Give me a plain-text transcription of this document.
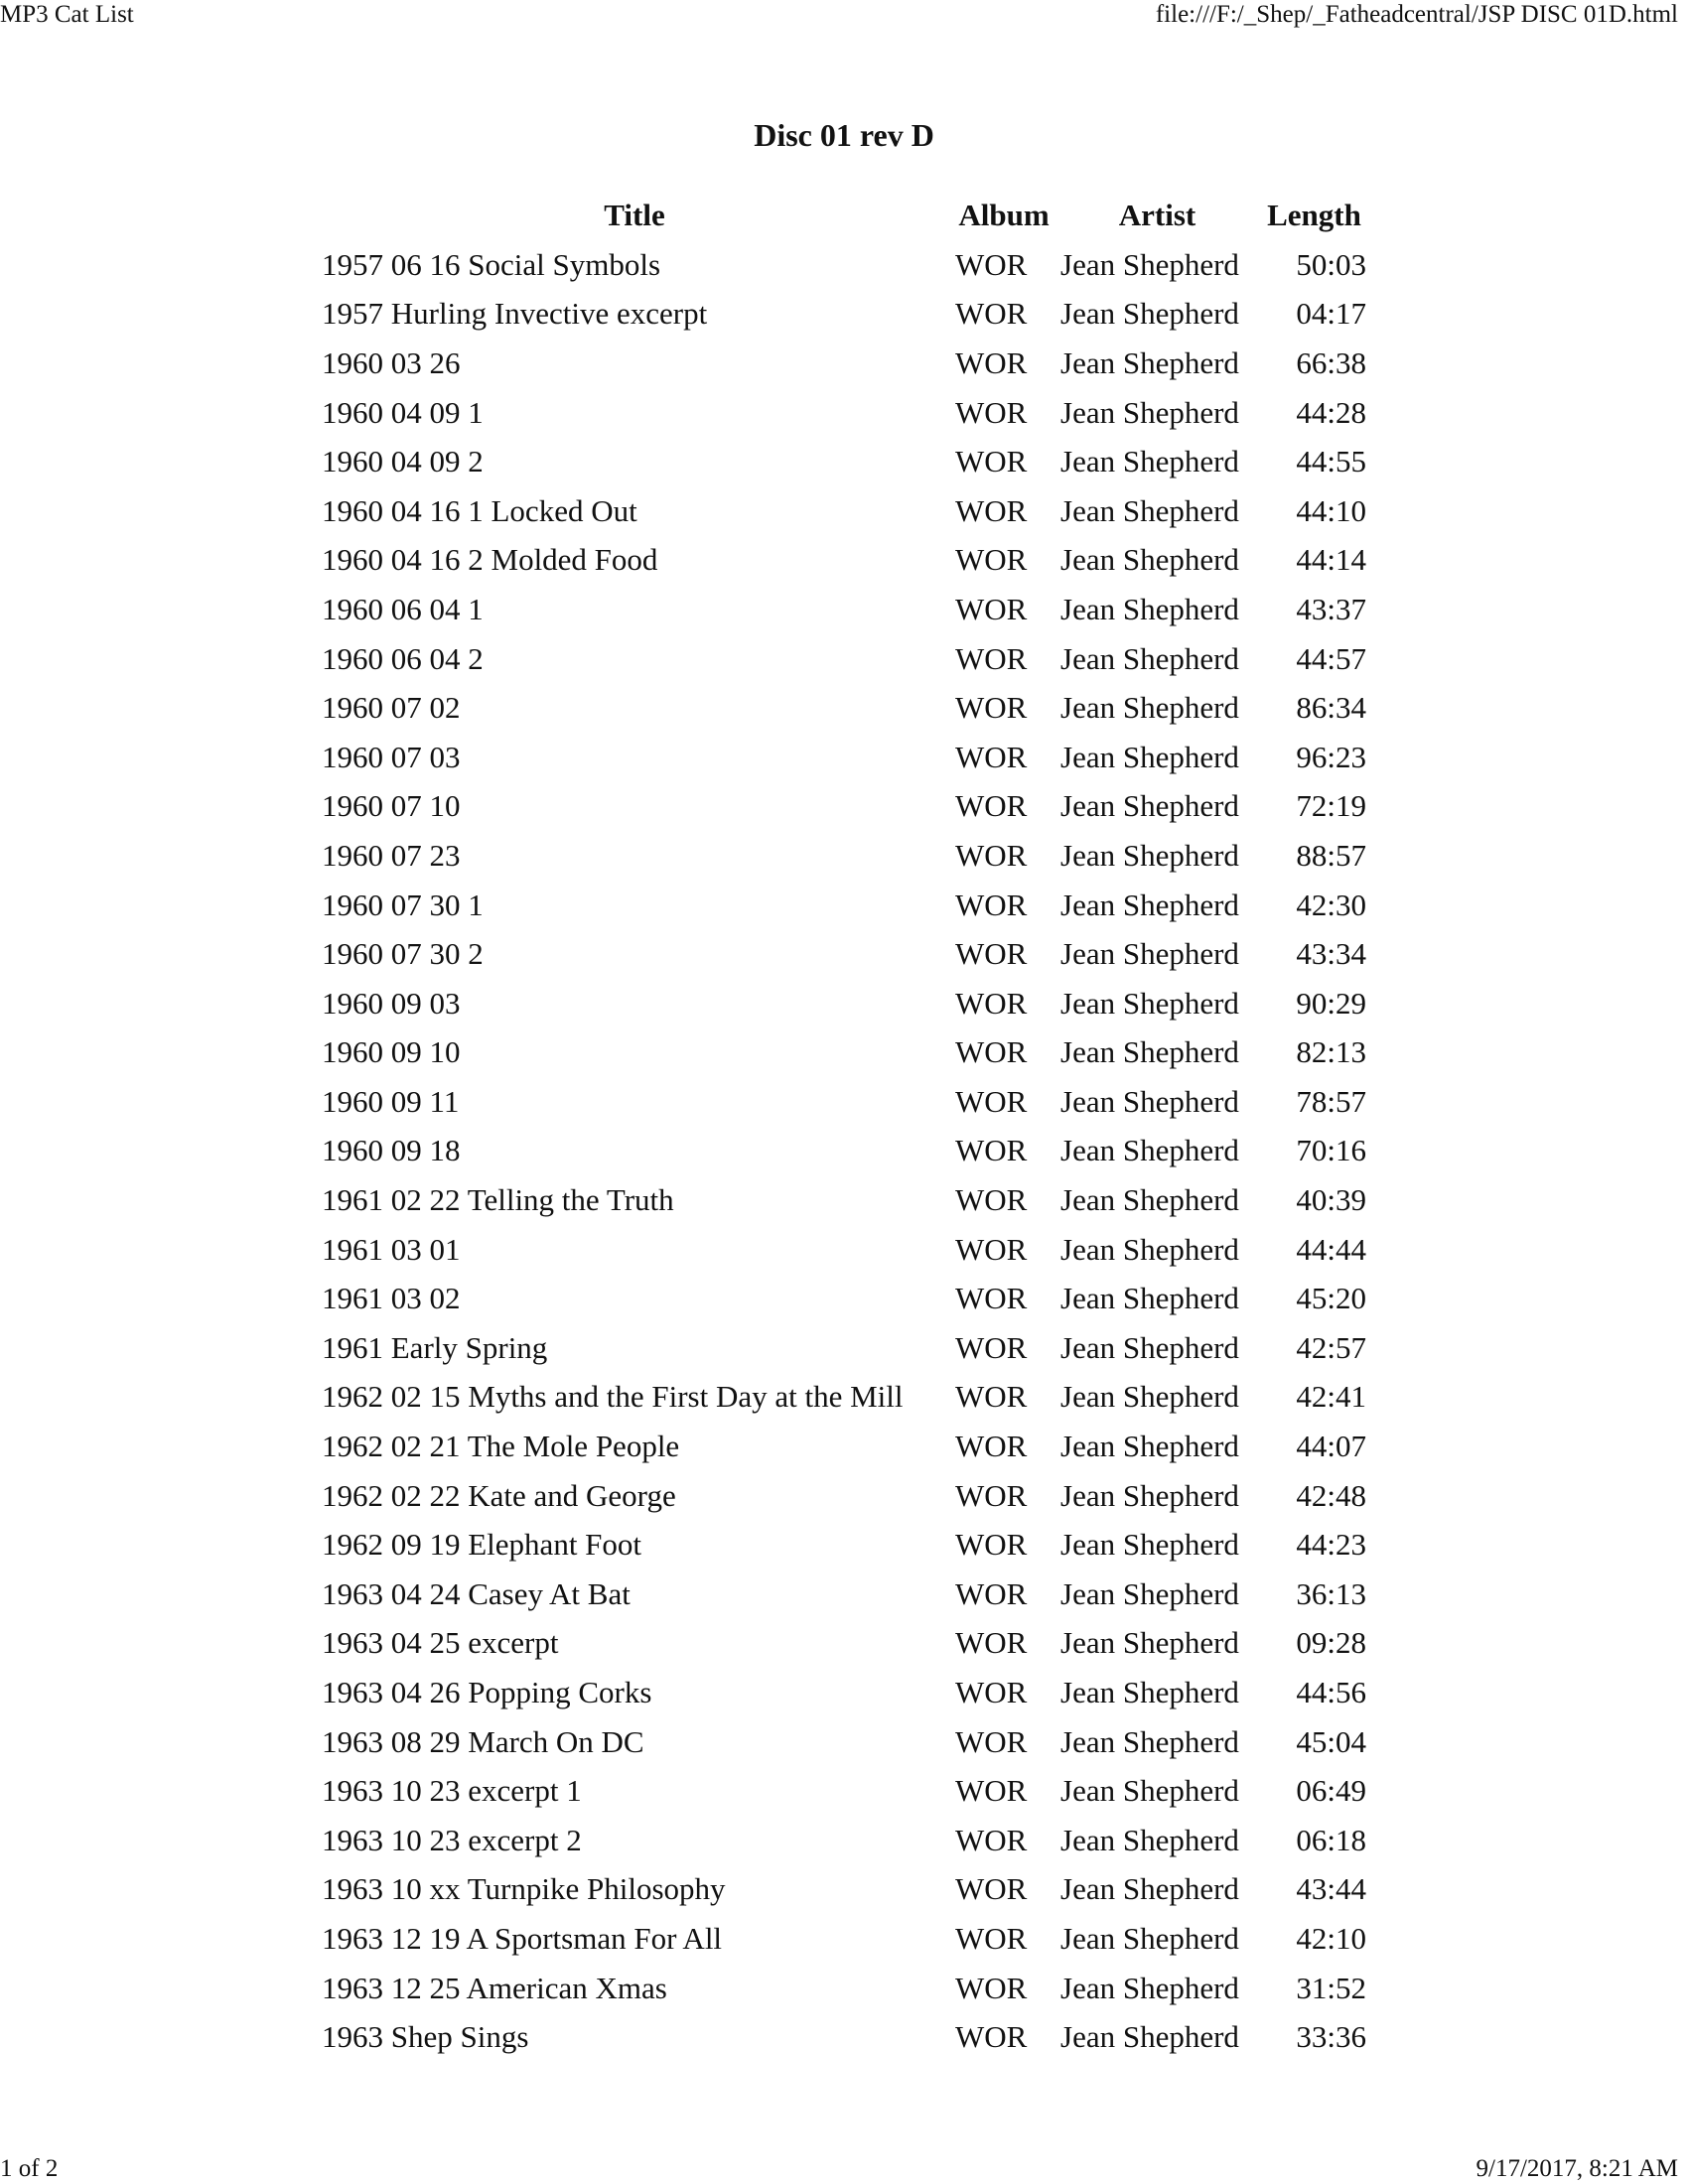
MP3 Cat List	file:///F:/_Shep/_Fatheadcentral/JSP DISC 01D.html
Disc 01 rev D
Title	Album	Artist	Length
1957 06 16 Social Symbols	WOR	Jean Shepherd	50:03
1957 Hurling Invective excerpt	WOR	Jean Shepherd	04:17
1960 03 26	WOR	Jean Shepherd	66:38
1960 04 09 1	WOR	Jean Shepherd	44:28
1960 04 09 2	WOR	Jean Shepherd	44:55
1960 04 16 1 Locked Out	WOR	Jean Shepherd	44:10
1960 04 16 2 Molded Food	WOR	Jean Shepherd	44:14
1960 06 04 1	WOR	Jean Shepherd	43:37
1960 06 04 2	WOR	Jean Shepherd	44:57
1960 07 02	WOR	Jean Shepherd	86:34
1960 07 03	WOR	Jean Shepherd	96:23
1960 07 10	WOR	Jean Shepherd	72:19
1960 07 23	WOR	Jean Shepherd	88:57
1960 07 30 1	WOR	Jean Shepherd	42:30
1960 07 30 2	WOR	Jean Shepherd	43:34
1960 09 03	WOR	Jean Shepherd	90:29
1960 09 10	WOR	Jean Shepherd	82:13
1960 09 11	WOR	Jean Shepherd	78:57
1960 09 18	WOR	Jean Shepherd	70:16
1961 02 22 Telling the Truth	WOR	Jean Shepherd	40:39
1961 03 01	WOR	Jean Shepherd	44:44
1961 03 02	WOR	Jean Shepherd	45:20
1961 Early Spring	WOR	Jean Shepherd	42:57
1962 02 15 Myths and the First Day at the Mill	WOR	Jean Shepherd	42:41
1962 02 21 The Mole People	WOR	Jean Shepherd	44:07
1962 02 22 Kate and George	WOR	Jean Shepherd	42:48
1962 09 19 Elephant Foot	WOR	Jean Shepherd	44:23
1963 04 24 Casey At Bat	WOR	Jean Shepherd	36:13
1963 04 25 excerpt	WOR	Jean Shepherd	09:28
1963 04 26 Popping Corks	WOR	Jean Shepherd	44:56
1963 08 29 March On DC	WOR	Jean Shepherd	45:04
1963 10 23 excerpt 1	WOR	Jean Shepherd	06:49
1963 10 23 excerpt 2	WOR	Jean Shepherd	06:18
1963 10 xx Turnpike Philosophy	WOR	Jean Shepherd	43:44
1963 12 19 A Sportsman For All	WOR	Jean Shepherd	42:10
1963 12 25 American Xmas	WOR	Jean Shepherd	31:52
1963 Shep Sings	WOR	Jean Shepherd	33:36
1 of 2	9/17/2017, 8:21 AM
